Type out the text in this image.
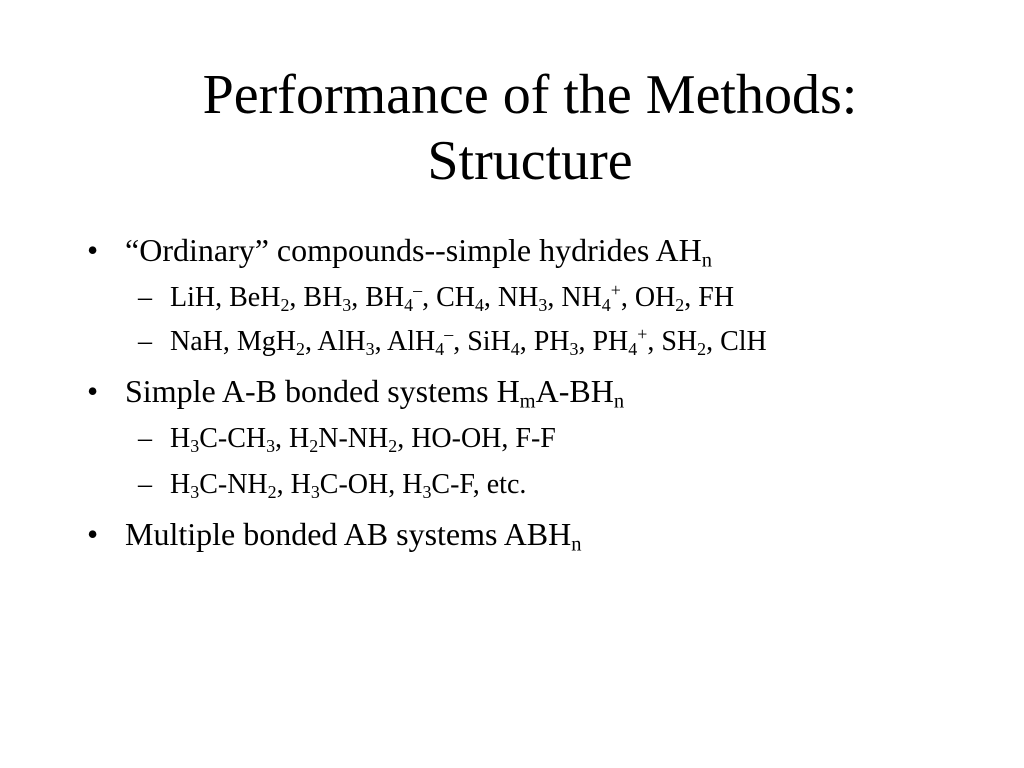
Performance of the Methods:
Structure
• “Ordinary” compounds--simple hydrides $AH_n$
– LiH, BeH$_2$, $BH_3$, $BH_4^-$, $CH_4$, $NH_3$, $NH_4^+$, $OH_2$, FH
– NaH, MgH$_2$, AlH$_3$, AlH$_4$–, SiH$_4$, $PH_3$, $PH_4^+$, $SH_2$, ClH
• Simple A-B bonded systems $H_mA-BH_n$
– $H_3C-CH_3$, $H_2N-NH_2$, HO-OH, F-F
– $H_3C-NH_2$, $H_3C-OH$, $H_3C-F$, etc.
• Multiple bonded AB systems $ABH_n$
